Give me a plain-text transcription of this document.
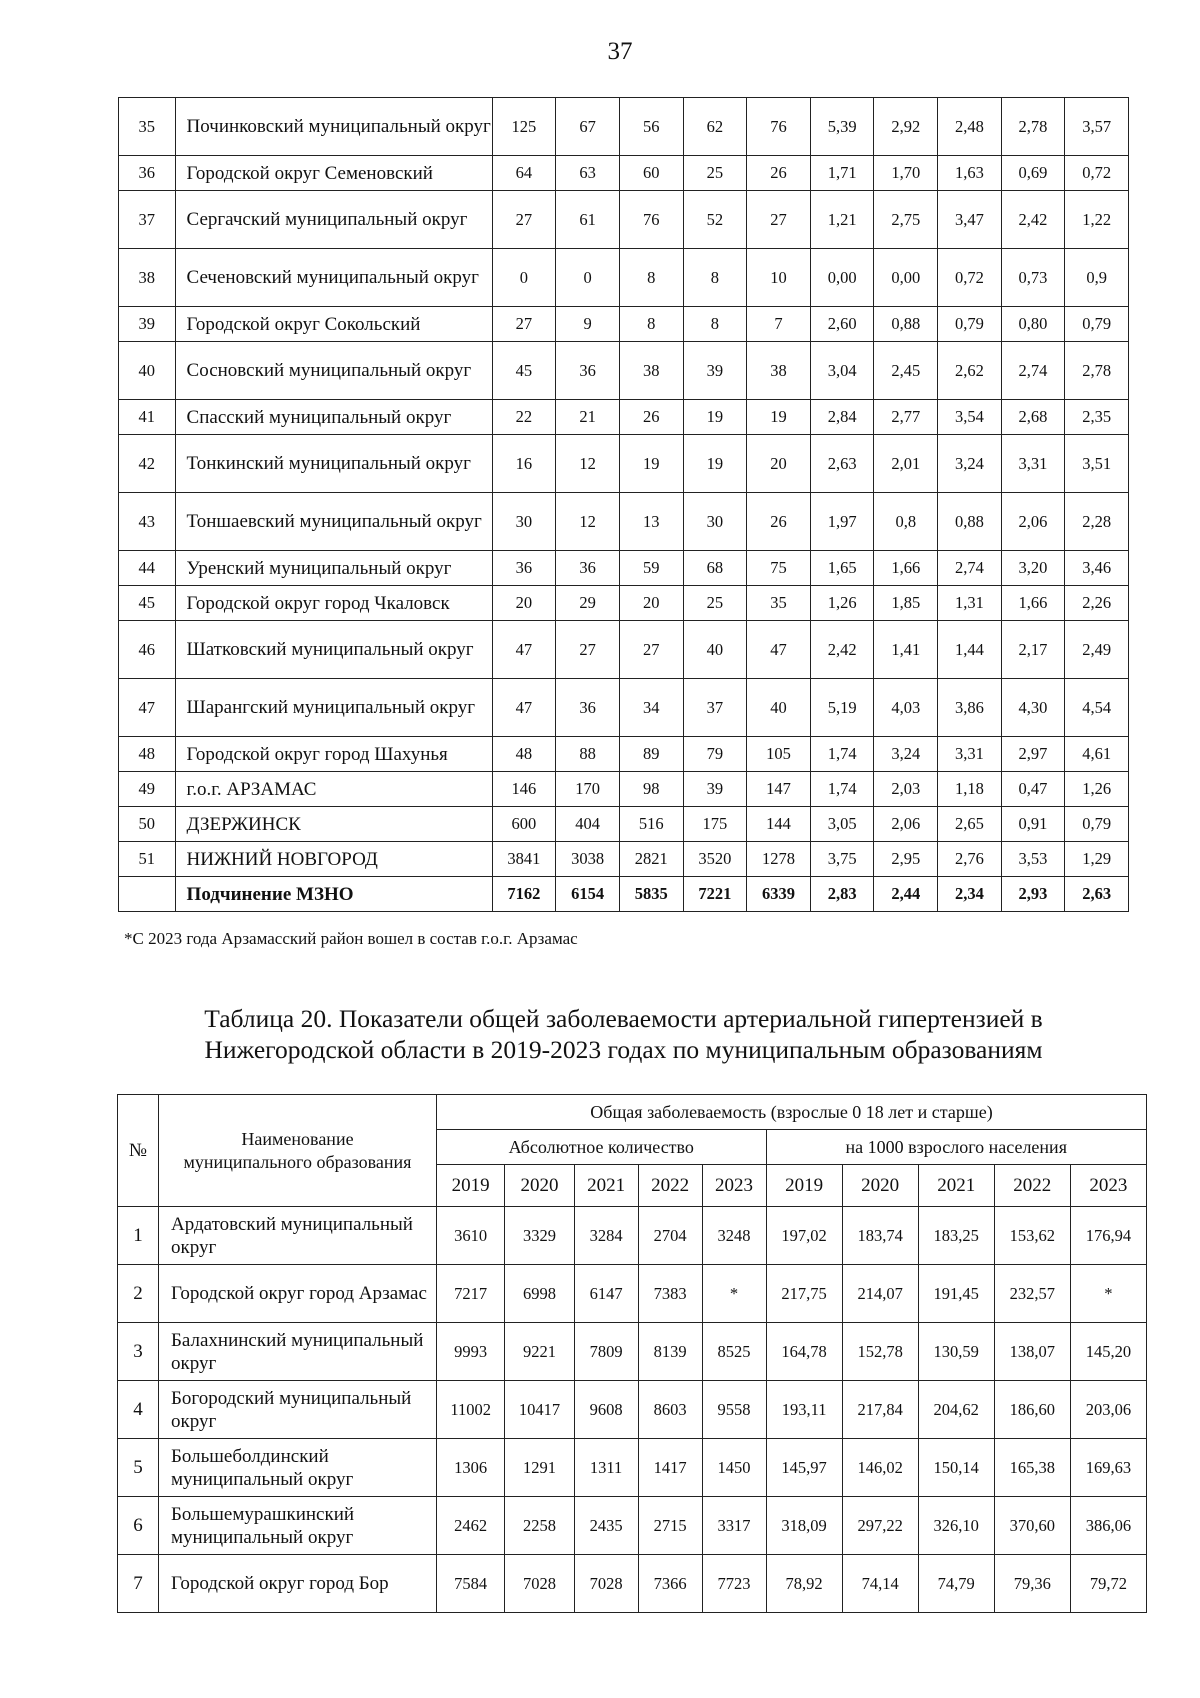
37
35	Починковский муниципальный округ	125	67	56	62	76	5,39	2,92	2,48	2,78	3,57
36	Городской округ Семеновский	64	63	60	25	26	1,71	1,70	1,63	0,69	0,72
37	Сергачский муниципальный округ	27	61	76	52	27	1,21	2,75	3,47	2,42	1,22
38	Сеченовский муниципальный округ	0	0	8	8	10	0,00	0,00	0,72	0,73	0,9
39	Городской округ Сокольский	27	9	8	8	7	2,60	0,88	0,79	0,80	0,79
40	Сосновский муниципальный округ	45	36	38	39	38	3,04	2,45	2,62	2,74	2,78
41	Спасский муниципальный округ	22	21	26	19	19	2,84	2,77	3,54	2,68	2,35
42	Тонкинский муниципальный округ	16	12	19	19	20	2,63	2,01	3,24	3,31	3,51
43	Тоншаевский муниципальный округ	30	12	13	30	26	1,97	0,8	0,88	2,06	2,28
44	Уренский муниципальный округ	36	36	59	68	75	1,65	1,66	2,74	3,20	3,46
45	Городской округ город Чкаловск	20	29	20	25	35	1,26	1,85	1,31	1,66	2,26
46	Шатковский муниципальный округ	47	27	27	40	47	2,42	1,41	1,44	2,17	2,49
47	Шарангский муниципальный округ	47	36	34	37	40	5,19	4,03	3,86	4,30	4,54
48	Городской округ город Шахунья	48	88	89	79	105	1,74	3,24	3,31	2,97	4,61
49	г.о.г. АРЗАМАС	146	170	98	39	147	1,74	2,03	1,18	0,47	1,26
50	ДЗЕРЖИНСК	600	404	516	175	144	3,05	2,06	2,65	0,91	0,79
51	НИЖНИЙ НОВГОРОД	3841	3038	2821	3520	1278	3,75	2,95	2,76	3,53	1,29
	Подчинение МЗНО	7162	6154	5835	7221	6339	2,83	2,44	2,34	2,93	2,63
*С 2023 года Арзамасский район вошел в состав г.о.г. Арзамас
Таблица 20. Показатели общей заболеваемости артериальной гипертензией в
Нижегородской области в 2019-2023 годах по муниципальным образованиям
№	Наименование муниципального образования	Общая заболеваемость (взрослые 0 18 лет и старше)									
		Абсолютное количество					на 1000 взрослого населения				
		2019	2020	2021	2022	2023	2019	2020	2021	2022	2023
1	Ардатовский муниципальный округ	3610	3329	3284	2704	3248	197,02	183,74	183,25	153,62	176,94
2	Городской округ город Арзамас	7217	6998	6147	7383	*	217,75	214,07	191,45	232,57	*
3	Балахнинский муниципальный округ	9993	9221	7809	8139	8525	164,78	152,78	130,59	138,07	145,20
4	Богородский муниципальный округ	11002	10417	9608	8603	9558	193,11	217,84	204,62	186,60	203,06
5	Большеболдинский муниципальный округ	1306	1291	1311	1417	1450	145,97	146,02	150,14	165,38	169,63
6	Большемурашкинский муниципальный округ	2462	2258	2435	2715	3317	318,09	297,22	326,10	370,60	386,06
7	Городской округ город Бор	7584	7028	7028	7366	7723	78,92	74,14	74,79	79,36	79,72
